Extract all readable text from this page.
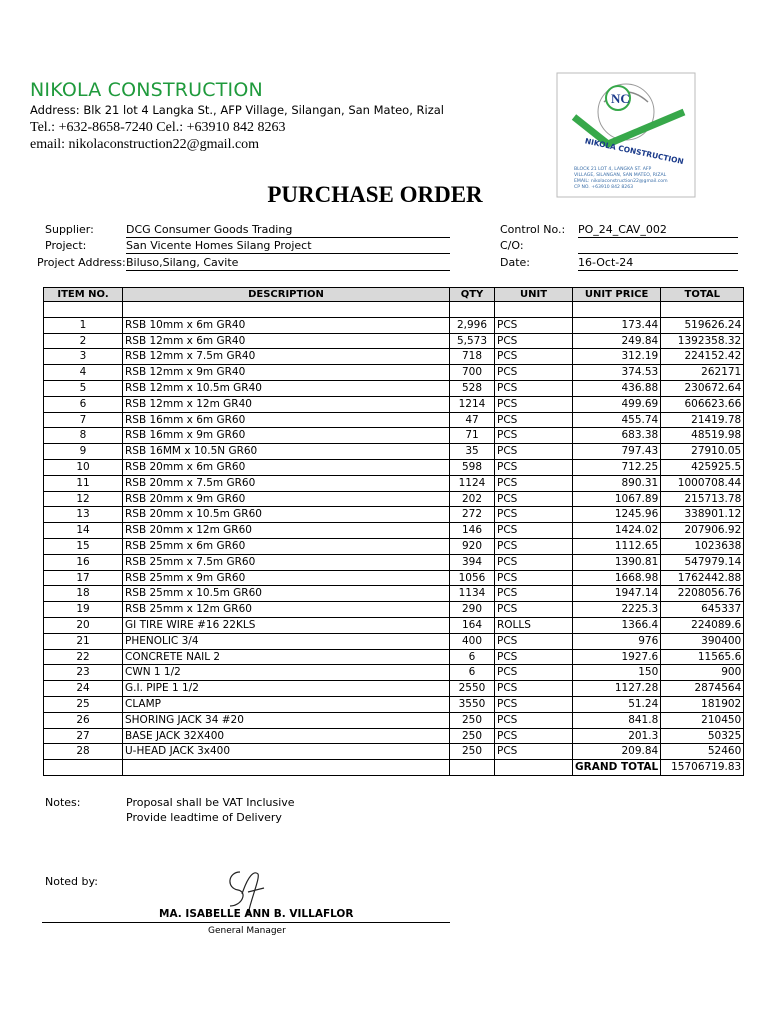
NIKOLA CONSTRUCTION
Address: Blk 21 lot 4 Langka St., AFP Village, Silangan, San Mateo, Rizal
Tel.: +632-8658-7240 Cel.: +63910 842 8263
email: nikolaconstruction22@gmail.com
NC
NIKOLA CONSTRUCTION
BLOCK 21 LOT 4, LANGKA ST. AFP
VILLAGE, SILANGAN, SAN MATEO, RIZAL
EMAIL: nikolaconstruction22@gmail.com
CP NO. +63910 842 8263
PURCHASE ORDER
Supplier:	DCG Consumer Goods Trading
Project:	San Vicente Homes Silang Project
Project Address: Biluso,Silang, Cavite
Control No.: PO_24_CAV_002
C/O:
Date:	16-Oct-24
ITEM NO.	DESCRIPTION	QTY	UNIT	UNIT PRICE	TOTAL

1	RSB 10mm x 6m GR40	2,996	PCS	173.44	519626.24
2	RSB 12mm x 6m GR40	5,573	PCS	249.84	1392358.32
3	RSB 12mm x 7.5m GR40	718	PCS	312.19	224152.42
4	RSB 12mm x 9m GR40	700	PCS	374.53	262171
5	RSB 12mm x 10.5m GR40	528	PCS	436.88	230672.64
6	RSB 12mm x 12m GR40	1214	PCS	499.69	606623.66
7	RSB 16mm x 6m GR60	47	PCS	455.74	21419.78
8	RSB 16mm x 9m GR60	71	PCS	683.38	48519.98
9	RSB 16MM x 10.5N GR60	35	PCS	797.43	27910.05
10	RSB 20mm x 6m GR60	598	PCS	712.25	425925.5
11	RSB 20mm x 7.5m GR60	1124	PCS	890.31	1000708.44
12	RSB 20mm x 9m GR60	202	PCS	1067.89	215713.78
13	RSB 20mm x 10.5m GR60	272	PCS	1245.96	338901.12
14	RSB 20mm x 12m GR60	146	PCS	1424.02	207906.92
15	RSB 25mm x 6m GR60	920	PCS	1112.65	1023638
16	RSB 25mm x 7.5m GR60	394	PCS	1390.81	547979.14
17	RSB 25mm x 9m GR60	1056	PCS	1668.98	1762442.88
18	RSB 25mm x 10.5m GR60	1134	PCS	1947.14	2208056.76
19	RSB 25mm x 12m GR60	290	PCS	2225.3	645337
20	GI TIRE WIRE #16 22KLS	164	ROLLS	1366.4	224089.6
21	PHENOLIC 3/4	400	PCS	976	390400
22	CONCRETE NAIL 2	6	PCS	1927.6	11565.6
23	CWN 1 1/2	6	PCS	150	900
24	G.I. PIPE 1 1/2	2550	PCS	1127.28	2874564
25	CLAMP	3550	PCS	51.24	181902
26	SHORING JACK 34 #20	250	PCS	841.8	210450
27	BASE JACK 32X400	250	PCS	201.3	50325
28	U-HEAD JACK 3x400	250	PCS	209.84	52460
				GRAND TOTAL	15706719.83
Notes:	Proposal shall be VAT Inclusive
Provide leadtime of Delivery
Noted by:
MA. ISABELLE ANN B. VILLAFLOR
General Manager
